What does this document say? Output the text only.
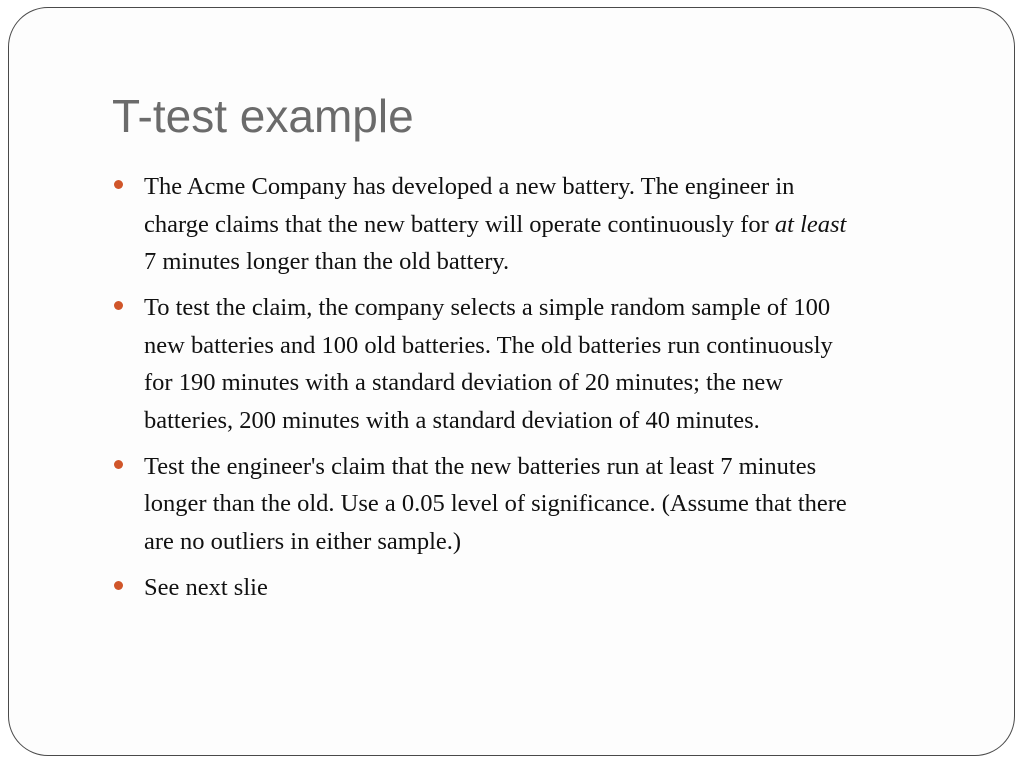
T-test example
The Acme Company has developed a new battery. The engineer in
charge claims that the new battery will operate continuously for at least
7 minutes longer than the old battery.
To test the claim, the company selects a simple random sample of 100
new batteries and 100 old batteries. The old batteries run continuously
for 190 minutes with a standard deviation of 20 minutes; the new
batteries, 200 minutes with a standard deviation of 40 minutes.
Test the engineer's claim that the new batteries run at least 7 minutes
longer than the old. Use a 0.05 level of significance. (Assume that there
are no outliers in either sample.)
See next slie
